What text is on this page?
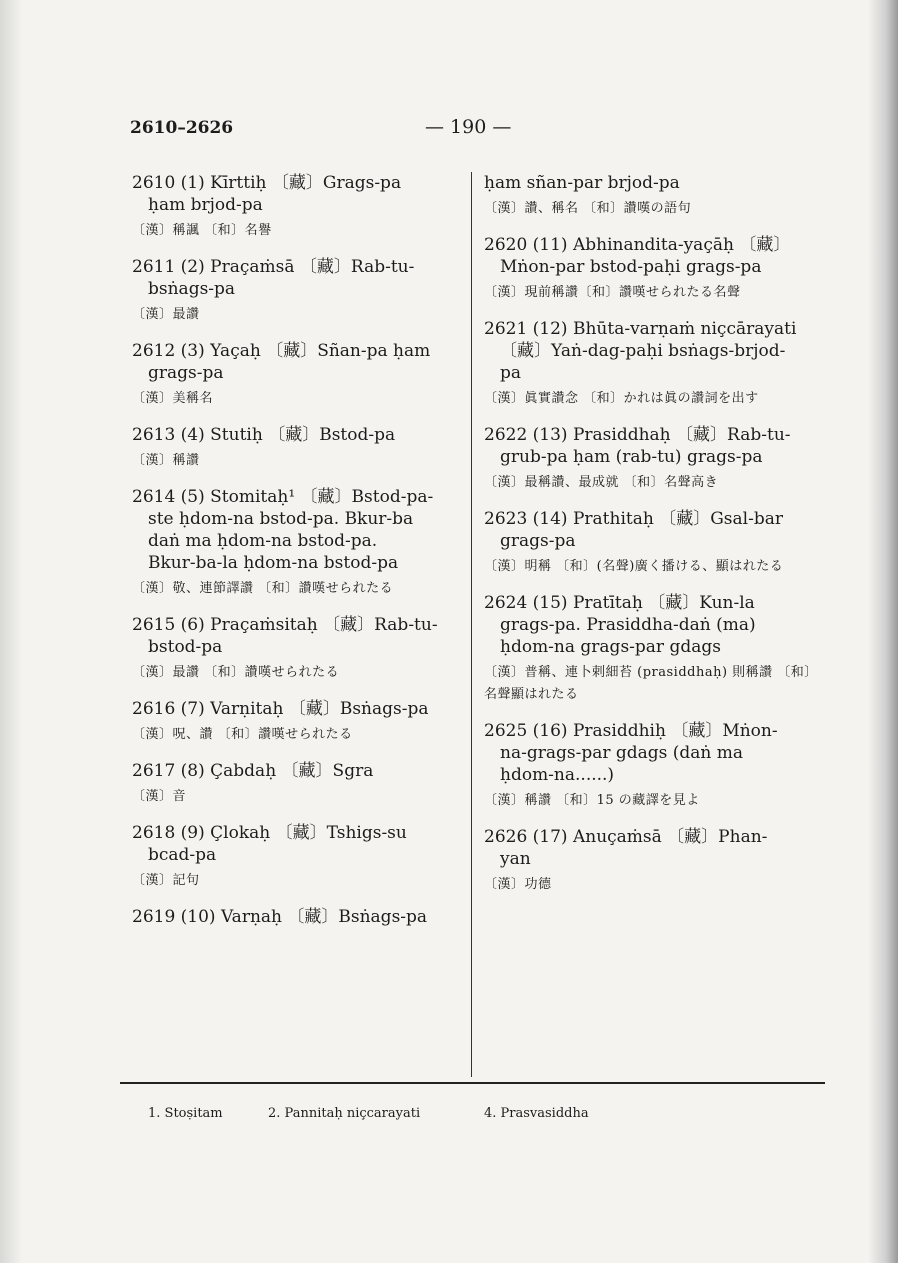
2610–2626	— 190 —
2610 (1) Kīrttiḥ 〔藏〕Grags-pa
ḥam brjod-pa
〔漢〕稱諷 〔和〕名譽
2611 (2) Praçaṁsā 〔藏〕Rab-tu-
bsṅags-pa
〔漢〕最讚
2612 (3) Yaçaḥ 〔藏〕Sñan-pa ḥam
grags-pa
〔漢〕美稱名
2613 (4) Stutiḥ 〔藏〕Bstod-pa
〔漢〕稱讚
2614 (5) Stomitaḥ¹ 〔藏〕Bstod-pa-
ste ḥdom-na bstod-pa. Bkur-ba
daṅ ma ḥdom-na bstod-pa.
Bkur-ba-la ḥdom-na bstod-pa
〔漢〕敬、連節譯讚 〔和〕讚嘆せられたる
2615 (6) Praçaṁsitaḥ 〔藏〕Rab-tu-
bstod-pa
〔漢〕最讚 〔和〕讚嘆せられたる
2616 (7) Varṇitaḥ 〔藏〕Bsṅags-pa
〔漢〕呪、讚 〔和〕讚嘆せられたる
2617 (8) Çabdaḥ 〔藏〕Sgra
〔漢〕音
2618 (9) Çlokaḥ 〔藏〕Tshigs-su
bcad-pa
〔漢〕記句
2619 (10) Varṇaḥ 〔藏〕Bsṅags-pa
ḥam sñan-par brjod-pa
〔漢〕讚、稱名 〔和〕讚嘆の語句
2620 (11) Abhinandita-yaçāḥ 〔藏〕
Mṅon-par bstod-paḥi grags-pa
〔漢〕現前稱讚〔和〕讚嘆せられたる名聲
2621 (12) Bhūta-varṇaṁ niçcārayati
〔藏〕Yaṅ-dag-paḥi bsṅags-brjod-
pa
〔漢〕眞實讚念 〔和〕かれは眞の讚詞を出す
2622 (13) Prasiddhaḥ 〔藏〕Rab-tu-
grub-pa ḥam (rab-tu) grags-pa
〔漢〕最稱讚、最成就 〔和〕名聲高き
2623 (14) Prathitaḥ 〔藏〕Gsal-bar
grags-pa
〔漢〕明稱 〔和〕(名聲)廣く播ける、顯はれたる
2624 (15) Pratītaḥ 〔藏〕Kun-la
grags-pa. Prasiddha-daṅ (ma)
ḥdom-na grags-par gdags
〔漢〕普稱、連卜剌細苔 (prasiddhaḥ) 則稱讚 〔和〕名聲顯はれたる
2625 (16) Prasiddhiḥ 〔藏〕Mṅon-
na-grags-par gdags (daṅ ma
ḥdom-na......)
〔漢〕稱讚 〔和〕15 の藏譯を見よ
2626 (17) Anuçaṁsā 〔藏〕Phan-
yan
〔漢〕功德
1. Stoṣitam	2. Pannitaḥ niçcarayati	4. Prasvasiddha
